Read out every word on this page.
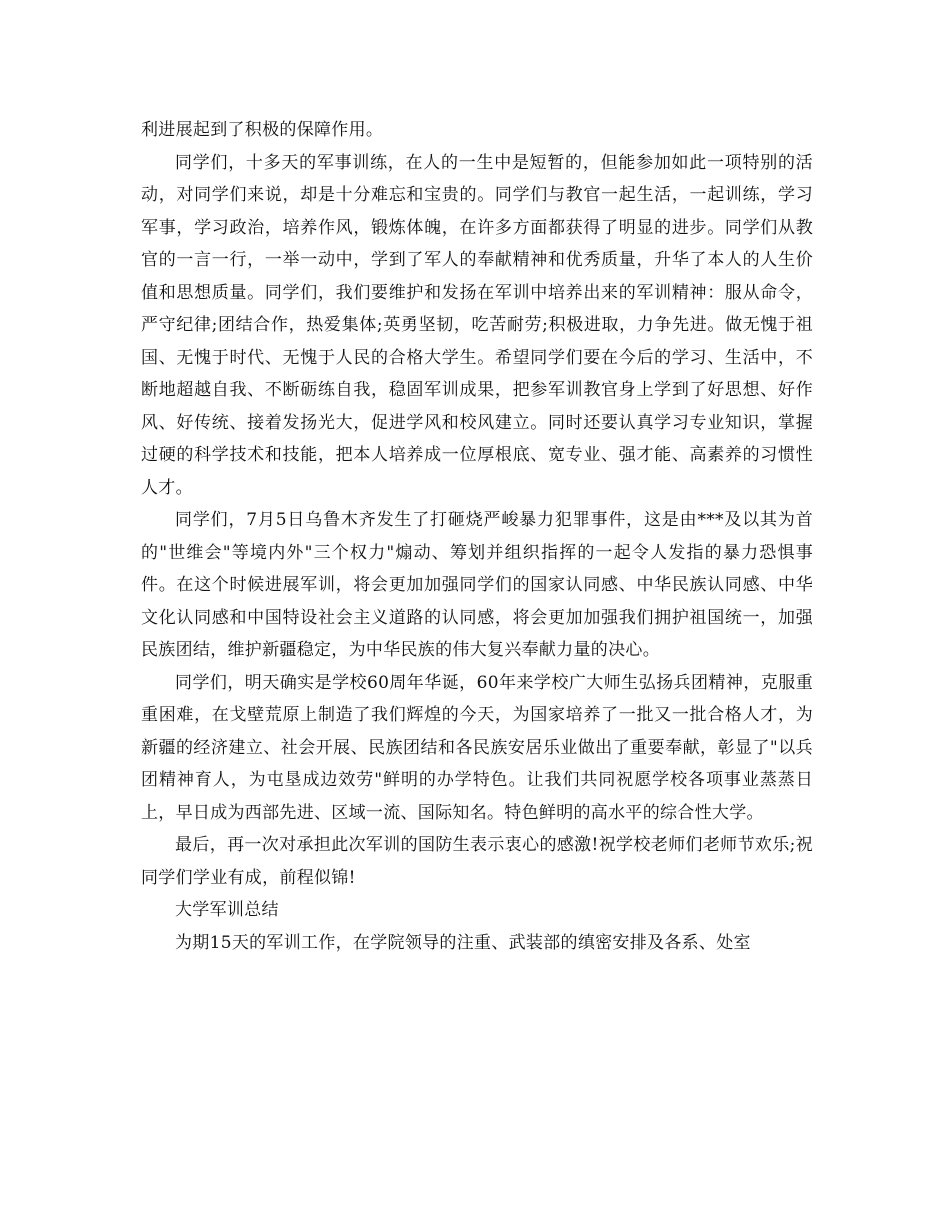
利进展起到了积极的保障作用。

同学们，十多天的军事训练，在人的一生中是短暂的，但能参加如此一项特别的活动，对同学们来说，却是十分难忘和宝贵的。同学们与教官一起生活，一起训练，学习军事，学习政治，培养作风，锻炼体魄，在许多方面都获得了明显的进步。同学们从教官的一言一行，一举一动中，学到了军人的奉献精神和优秀质量，升华了本人的人生价值和思想质量。同学们，我们要维护和发扬在军训中培养出来的军训精神：服从命令，严守纪律;团结合作，热爱集体;英勇坚韧，吃苦耐劳;积极进取，力争先进。做无愧于祖国、无愧于时代、无愧于人民的合格大学生。希望同学们要在今后的学习、生活中，不断地超越自我、不断砺练自我，稳固军训成果，把参军训教官身上学到了好思想、好作风、好传统、接着发扬光大，促进学风和校风建立。同时还要认真学习专业知识，掌握过硬的科学技术和技能，把本人培养成一位厚根底、宽专业、强才能、高素养的习惯性人才。

同学们，7月5日乌鲁木齐发生了打砸烧严峻暴力犯罪事件，这是由***及以其为首的"世维会"等境内外"三个权力"煽动、筹划并组织指挥的一起令人发指的暴力恐惧事件。在这个时候进展军训，将会更加加强同学们的国家认同感、中华民族认同感、中华文化认同感和中国特设社会主义道路的认同感，将会更加加强我们拥护祖国统一，加强民族团结，维护新疆稳定，为中华民族的伟大复兴奉献力量的决心。

同学们，明天确实是学校60周年华诞，60年来学校广大师生弘扬兵团精神，克服重重困难，在戈壁荒原上制造了我们辉煌的今天，为国家培养了一批又一批合格人才，为新疆的经济建立、社会开展、民族团结和各民族安居乐业做出了重要奉献，彰显了"以兵团精神育人，为屯垦成边效劳"鲜明的办学特色。让我们共同祝愿学校各项事业蒸蒸日上，早日成为西部先进、区域一流、国际知名。特色鲜明的高水平的综合性大学。

最后，再一次对承担此次军训的国防生表示衷心的感激!祝学校老师们老师节欢乐;祝同学们学业有成，前程似锦!

大学军训总结

为期15天的军训工作，在学院领导的注重、武装部的缜密安排及各系、处室
